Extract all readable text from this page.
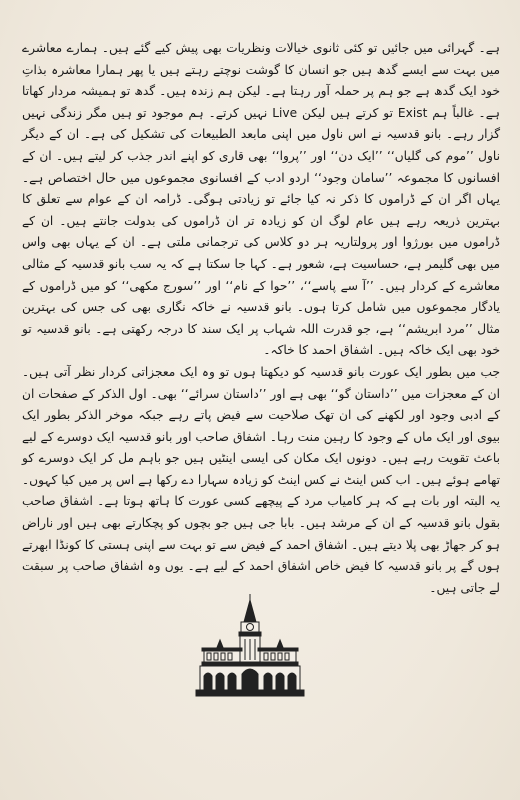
ہے۔ گہرائی میں جائیں تو کئی ثانوی خیالات ونظریات بھی پیش کیے گئے ہیں۔ ہمارے معاشرے میں بہت سے ایسے گدھ ہیں جو انسان کا گوشت نوچتے رہتے ہیں یا پھر ہمارا معاشرہ بذاتِ خود ایک گدھ ہے جو ہم پر حملہ آور رہتا ہے۔ لیکن ہم زندہ ہیں۔ گدھ تو ہمیشہ مردار کھاتا ہے۔ غالباً ہم Exist تو کرتے ہیں لیکن Live نہیں کرتے۔ ہم موجود تو ہیں مگر زندگی نہیں گزار رہے۔ بانو قدسیہ نے اس ناول میں اپنی مابعد الطبیعات کی تشکیل کی ہے۔ ان کے دیگر ناول ’’موم کی گلیاں‘‘ ’’ایک دن‘‘ اور ’’پروا‘‘ بھی قاری کو اپنے اندر جذب کر لیتے ہیں۔ ان کے افسانوں کا مجموعہ ’’سامان وجود‘‘ اردو ادب کے افسانوی مجموعوں میں حال اختصاص ہے۔ یہاں اگر ان کے ڈراموں کا ذکر نہ کیا جائے تو زیادتی ہوگی۔ ڈرامہ ان کے عوام سے تعلق کا بہترین ذریعہ رہے ہیں عام لوگ ان کو زیادہ تر ان ڈراموں کی بدولت جانتے ہیں۔ ان کے ڈراموں میں بورژوا اور پرولتاریہ ہر دو کلاس کی ترجمانی ملتی ہے۔ ان کے یہاں بھی واس میں بھی گلیمر ہے، حساسیت ہے، شعور ہے۔ کہا جا سکتا ہے کہ یہ سب بانو قدسیہ کے مثالی معاشرے کے کردار ہیں۔ ’’آ سے پاسے‘‘، ’’حوا کے نام‘‘ اور ’’سورج مکھی‘‘ کو میں ڈراموں کے یادگار مجموعوں میں شامل کرتا ہوں۔ بانو قدسیہ نے خاکہ نگاری بھی کی جس کی بہترین مثال ’’مرد ابریشم‘‘ ہے، جو قدرت اللہ شہاب پر ایک سند کا درجہ رکھتی ہے۔ بانو قدسیہ تو خود بھی ایک خاکہ ہیں۔ اشفاق احمد کا خاکہ۔

جب میں بطور ایک عورت بانو قدسیہ کو دیکھتا ہوں تو وہ ایک معجزاتی کردار نظر آتی ہیں۔ ان کے معجزات میں ’’داستان گو‘‘ بھی ہے اور ’’داستان سرائے‘‘ بھی۔ اول الذکر کے صفحات ان کے ادبی وجود اور لکھنے کی ان تھک صلاحیت سے فیض پاتے رہے جبکہ موخر الذکر بطور ایک بیوی اور ایک ماں کے وجود کا رہین منت رہا۔ اشفاق صاحب اور بانو قدسیہ ایک دوسرے کے لیے باعث تقویت رہے ہیں۔ دونوں ایک مکان کی ایسی اینٹیں ہیں جو باہم مل کر ایک دوسرے کو تھامے ہوئے ہیں۔ اب کس اینٹ نے کس اینٹ کو زیادہ سہارا دے رکھا ہے اس پر میں کیا کہوں۔ یہ البتہ اور بات ہے کہ ہر کامیاب مرد کے پیچھے کسی عورت کا ہاتھ ہوتا ہے۔ اشفاق صاحب بقول بانو قدسیہ کے ان کے مرشد ہیں۔ بابا جی ہیں جو بچوں کو پچکارتے بھی ہیں اور ناراض ہو کر جھاڑ بھی پلا دیتے ہیں۔ اشفاق احمد کے فیض سے تو بہت سے اپنی ہستی کا کونڈا ابھرتے ہوں گے پر بانو قدسیہ کا فیض خاص اشفاق احمد کے لیے ہے۔ یوں وہ اشفاق صاحب پر سبقت لے جاتی ہیں۔
